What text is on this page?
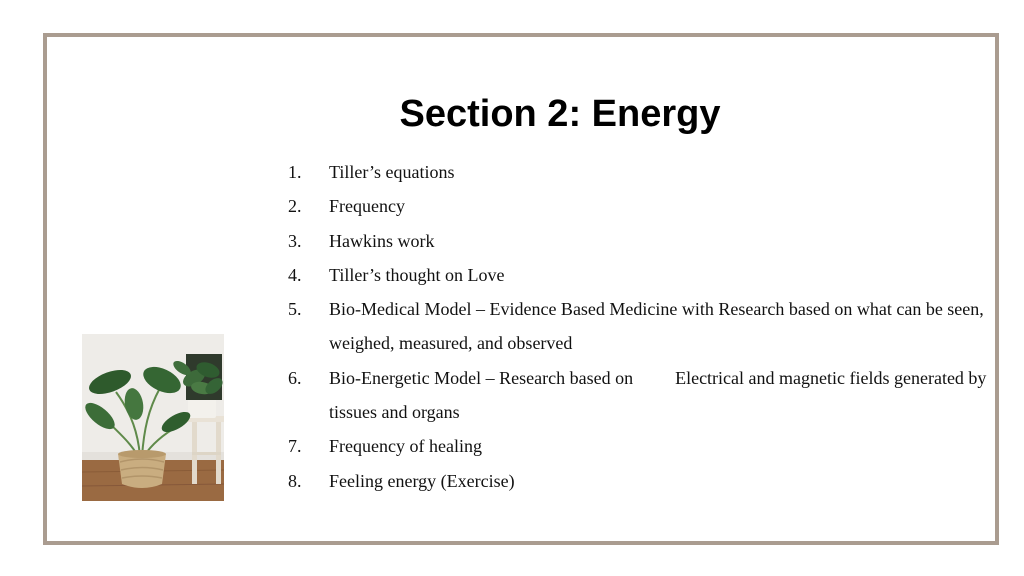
Section 2: Energy
1. Tiller’s equations
2. Frequency
3. Hawkins work
4. Tiller’s thought on Love
5. Bio-Medical Model – Evidence Based Medicine with Research based on what can be seen, weighed, measured, and observed
6. Bio-Energetic Model – Research based on Electrical and magnetic fields generated by tissues and organs
7. Frequency of healing
8. Feeling energy (Exercise)
